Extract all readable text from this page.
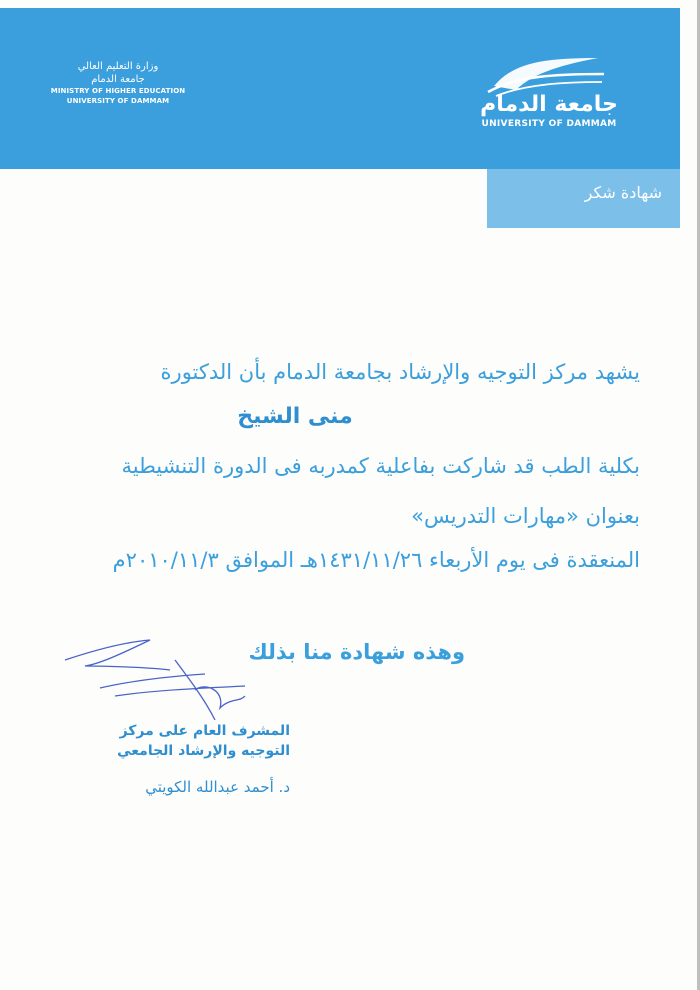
وزارة التعليم العالي
جامعة الدمام
MINISTRY OF HIGHER EDUCATION
UNIVERSITY OF DAMMAM	جامعة الدمام
UNIVERSITY OF DAMMAM
شهادة شكر
يشهد مركز التوجيه والإرشاد بجامعة الدمام بأن الدكتورة
منى الشيخ
بكلية الطب قد شاركت بفاعلية كمدربه فى الدورة التنشيطية
بعنوان «مهارات التدريس»
المنعقدة فى يوم الأربعاء ١٤٣١/١١/٢٦هـ الموافق ٢٠١٠/١١/٣م
وهذه شهادة منا بذلك
المشرف العام على مركز
التوجيه والإرشاد الجامعي
د. أحمد عبدالله الكويتي
